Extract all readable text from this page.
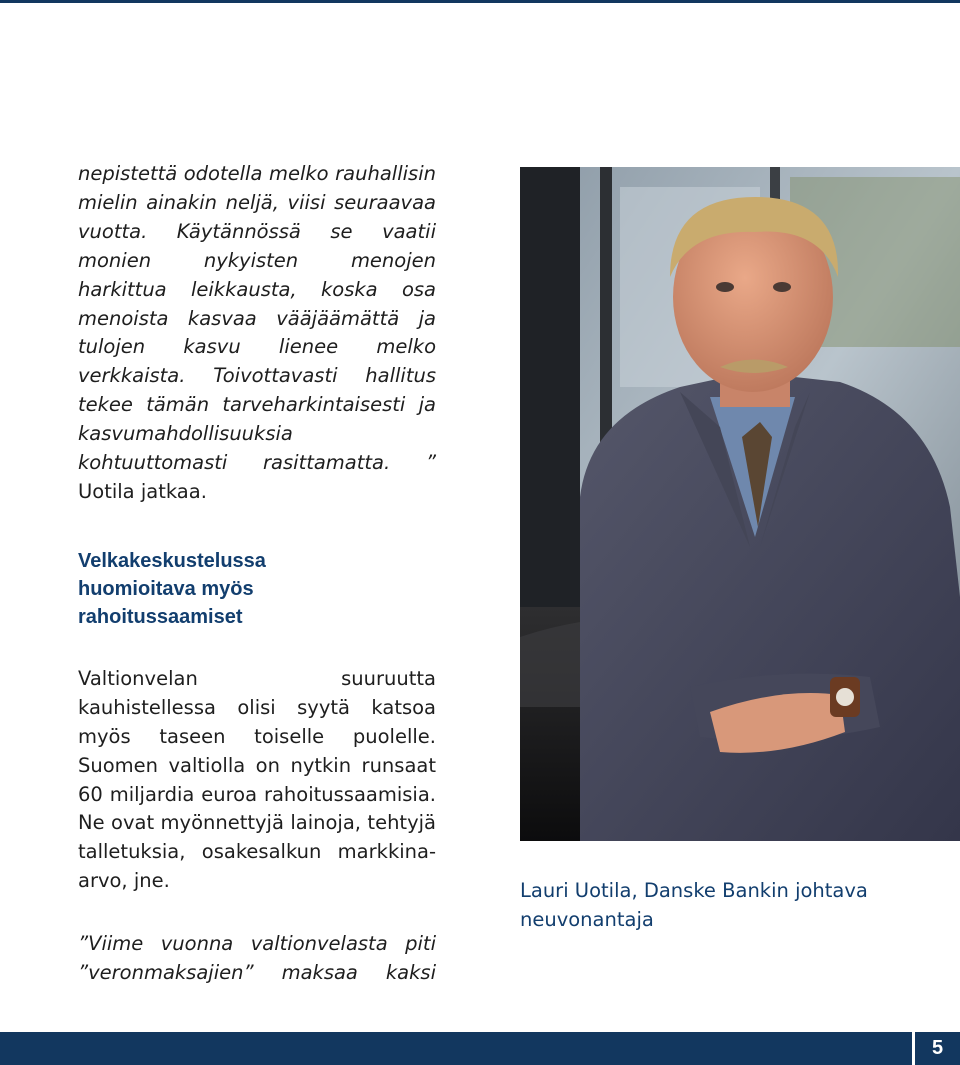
nepistettä odotella melko rauhallisin mielin ainakin neljä, viisi seuraavaa vuotta. Käytännössä se vaatii monien nykyisten menojen harkittua leikkausta, koska osa menoista kasvaa vääjäämättä ja tulojen kasvu lienee melko verkkaista. Toivottavasti hallitus tekee tämän tarveharkintaisesti ja kasvumahdollisuuksia kohtuuttomasti rasittamatta. ” Uotila jatkaa.

Velkakeskustelussa
huomioitava myös
rahoitussaamiset

Valtionvelan suuruutta kauhistellessa olisi syytä katsoa myös taseen toiselle puolelle. Suomen valtiolla on nytkin runsaat 60 miljardia euroa rahoitussaamisia. Ne ovat myönnettyjä lainoja, tehtyjä talletuksia, osakesalkun markkina-arvo, jne.

”Viime vuonna valtionvelasta piti ”veronmaksajien” maksaa kaksi

Lauri Uotila, Danske Bankin johtava neuvonantaja

5
